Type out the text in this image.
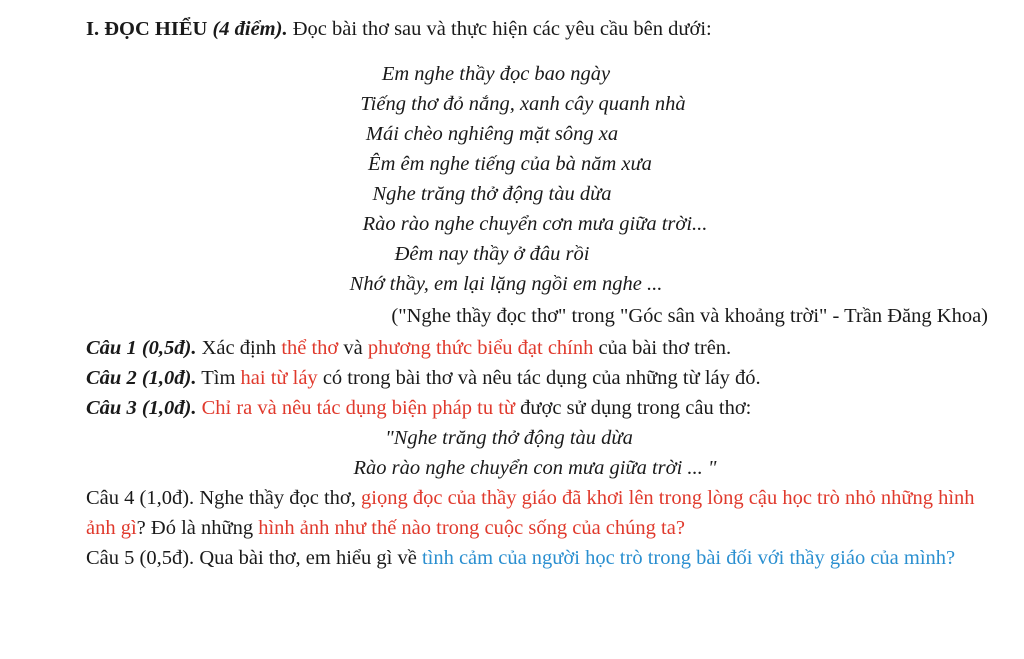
I. ĐỌC HIỂU (4 điểm). Đọc bài thơ sau và thực hiện các yêu cầu bên dưới:
Em nghe thầy đọc bao ngày
Tiếng thơ đỏ nắng, xanh cây quanh nhà
Mái chèo nghiêng mặt sông xa
Êm êm nghe tiếng của bà năm xưa
Nghe trăng thở động tàu dừa
Rào rào nghe chuyển cơn mưa giữa trời...
Đêm nay thầy ở đâu rồi
Nhớ thầy, em lại lặng ngồi em nghe ...
("Nghe thầy đọc thơ" trong "Góc sân và khoảng trời" - Trần Đăng Khoa)
Câu 1 (0,5đ). Xác định thể thơ và phương thức biểu đạt chính của bài thơ trên.
Câu 2 (1,0đ). Tìm hai từ láy có trong bài thơ và nêu tác dụng của những từ láy đó.
Câu 3 (1,0đ). Chỉ ra và nêu tác dụng biện pháp tu từ được sử dụng trong câu thơ:
"Nghe trăng thở động tàu dừa
Rào rào nghe chuyển con mưa giữa trời ... "
Câu 4 (1,0đ). Nghe thầy đọc thơ, giọng đọc của thầy giáo đã khơi lên trong lòng cậu học trò nhỏ những hình ảnh gì? Đó là những hình ảnh như thế nào trong cuộc sống của chúng ta?
Câu 5 (0,5đ). Qua bài thơ, em hiểu gì về tình cảm của người học trò trong bài đối với thầy giáo của mình?
